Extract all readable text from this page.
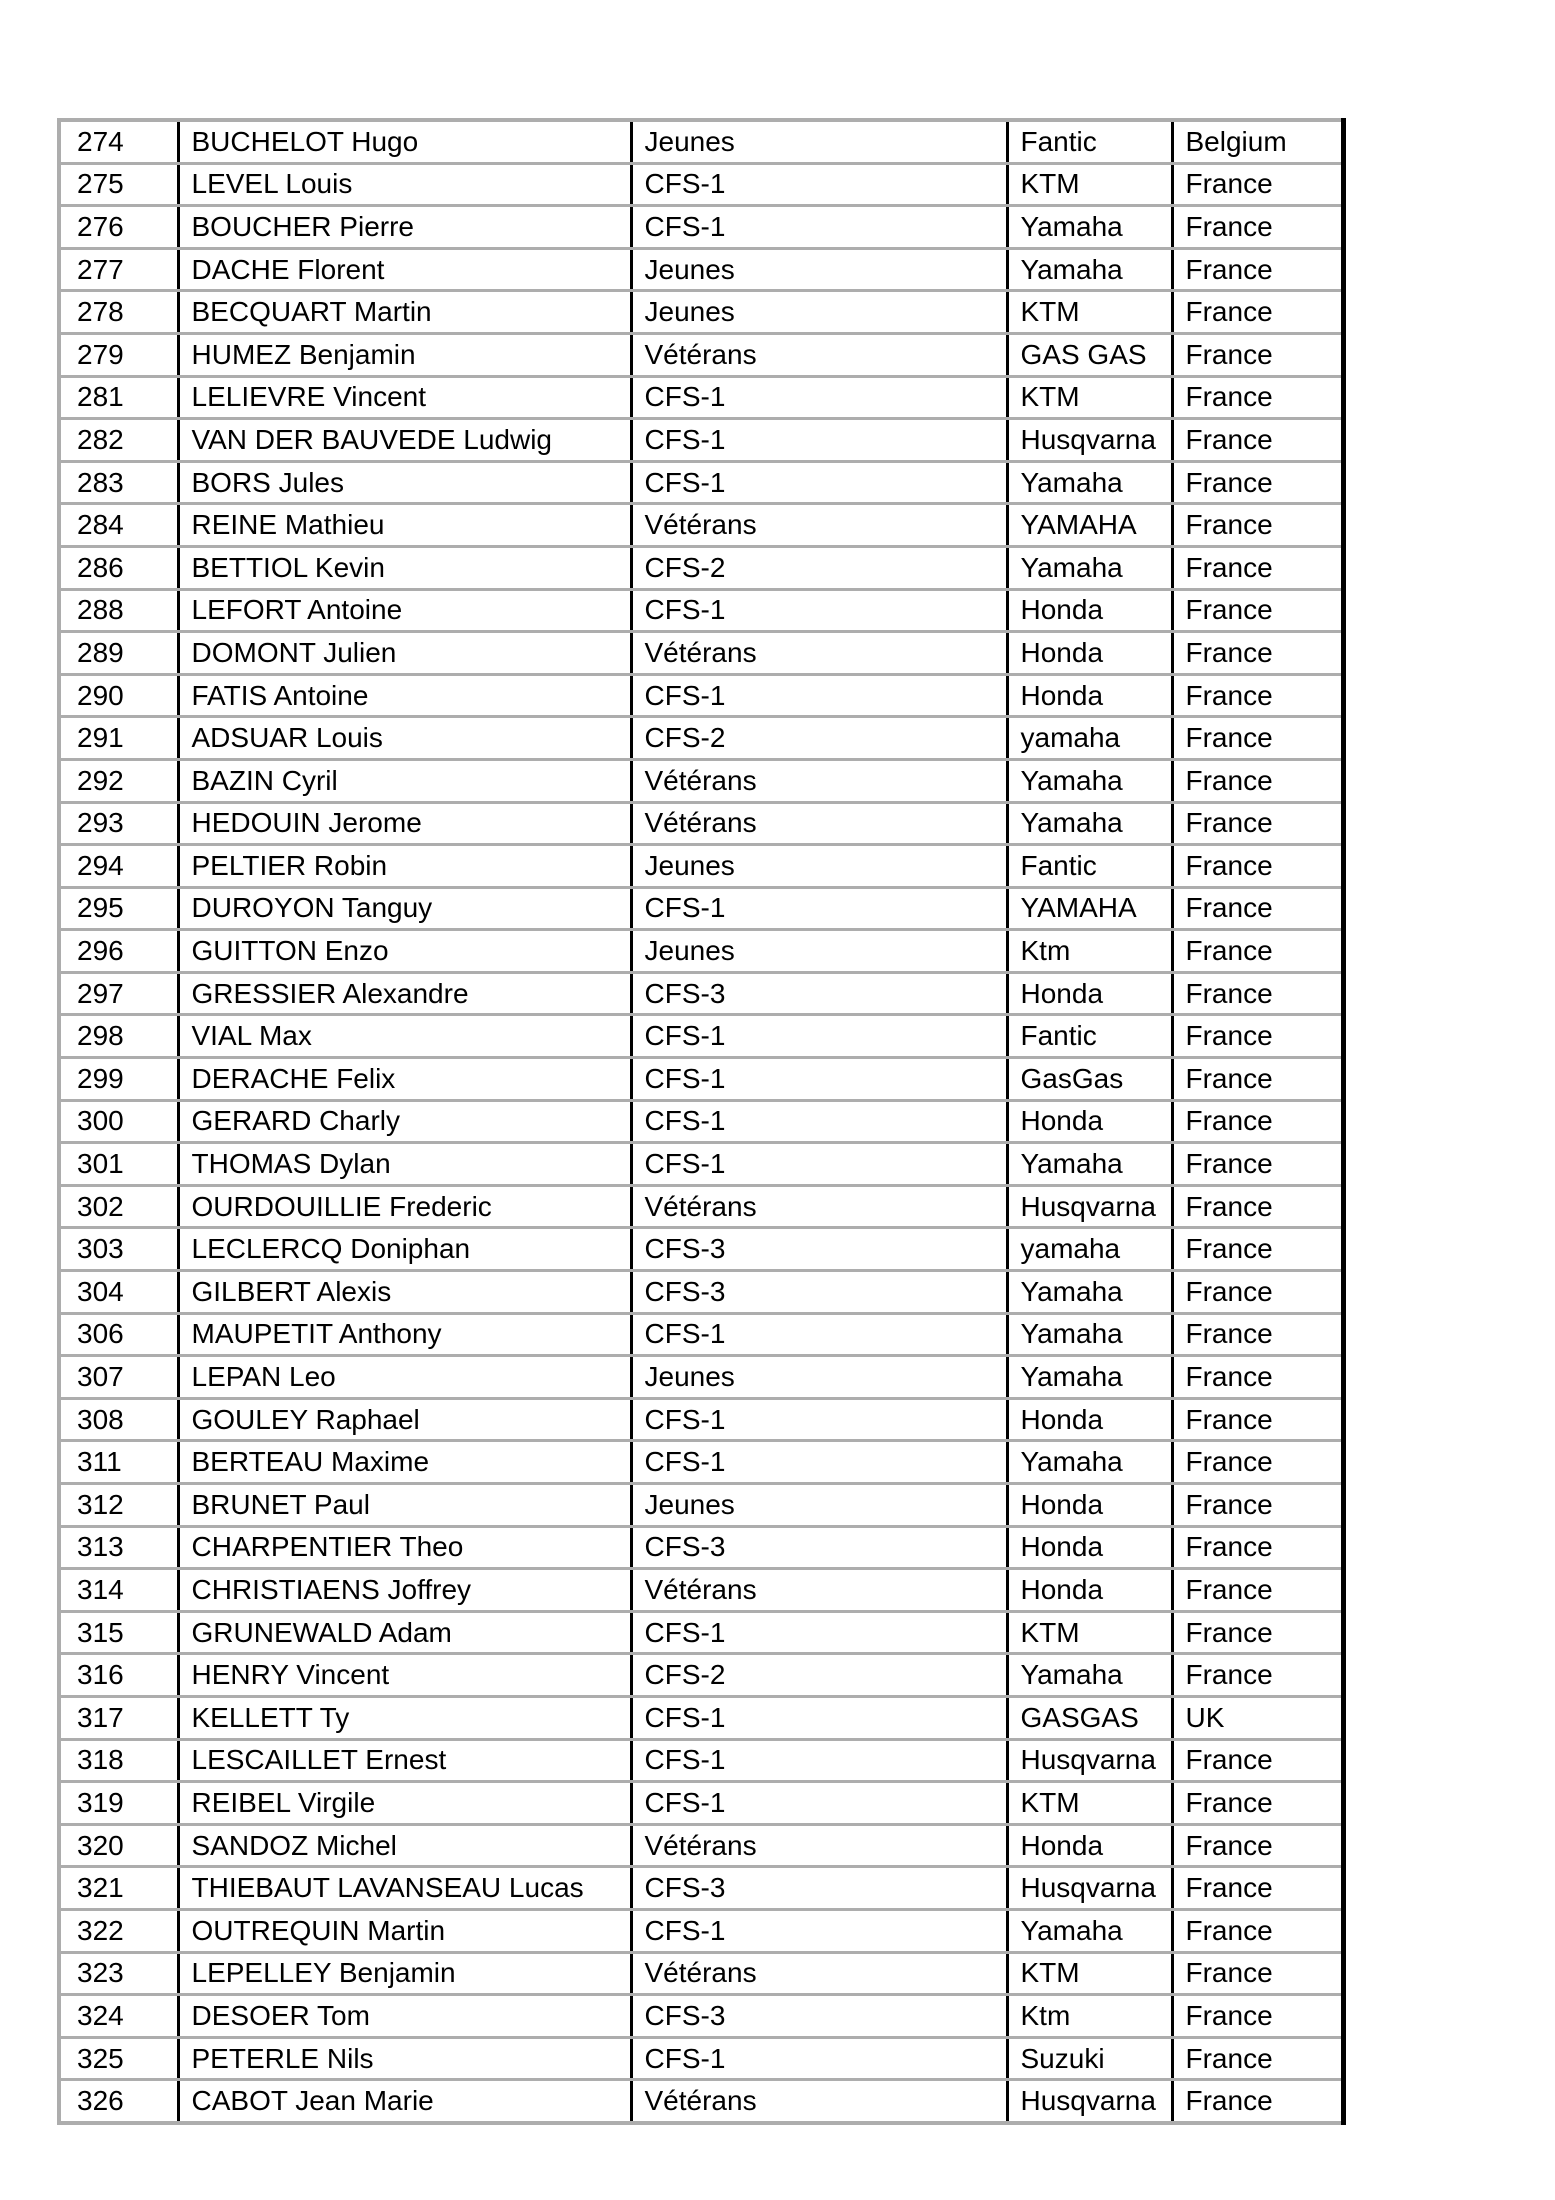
274	BUCHELOT Hugo	Jeunes	Fantic	Belgium
275	LEVEL Louis	CFS-1	KTM	France
276	BOUCHER Pierre	CFS-1	Yamaha	France
277	DACHE Florent	Jeunes	Yamaha	France
278	BECQUART Martin	Jeunes	KTM	France
279	HUMEZ Benjamin	Vétérans	GAS GAS	France
281	LELIEVRE Vincent	CFS-1	KTM	France
282	VAN DER BAUVEDE Ludwig	CFS-1	Husqvarna	France
283	BORS Jules	CFS-1	Yamaha	France
284	REINE Mathieu	Vétérans	YAMAHA	France
286	BETTIOL Kevin	CFS-2	Yamaha	France
288	LEFORT Antoine	CFS-1	Honda	France
289	DOMONT Julien	Vétérans	Honda	France
290	FATIS Antoine	CFS-1	Honda	France
291	ADSUAR Louis	CFS-2	yamaha	France
292	BAZIN Cyril	Vétérans	Yamaha	France
293	HEDOUIN Jerome	Vétérans	Yamaha	France
294	PELTIER Robin	Jeunes	Fantic	France
295	DUROYON Tanguy	CFS-1	YAMAHA	France
296	GUITTON Enzo	Jeunes	Ktm	France
297	GRESSIER Alexandre	CFS-3	Honda	France
298	VIAL Max	CFS-1	Fantic	France
299	DERACHE Felix	CFS-1	GasGas	France
300	GERARD Charly	CFS-1	Honda	France
301	THOMAS Dylan	CFS-1	Yamaha	France
302	OURDOUILLIE Frederic	Vétérans	Husqvarna	France
303	LECLERCQ Doniphan	CFS-3	yamaha	France
304	GILBERT Alexis	CFS-3	Yamaha	France
306	MAUPETIT Anthony	CFS-1	Yamaha	France
307	LEPAN Leo	Jeunes	Yamaha	France
308	GOULEY Raphael	CFS-1	Honda	France
311	BERTEAU Maxime	CFS-1	Yamaha	France
312	BRUNET Paul	Jeunes	Honda	France
313	CHARPENTIER Theo	CFS-3	Honda	France
314	CHRISTIAENS Joffrey	Vétérans	Honda	France
315	GRUNEWALD Adam	CFS-1	KTM	France
316	HENRY Vincent	CFS-2	Yamaha	France
317	KELLETT Ty	CFS-1	GASGAS	UK
318	LESCAILLET Ernest	CFS-1	Husqvarna	France
319	REIBEL Virgile	CFS-1	KTM	France
320	SANDOZ Michel	Vétérans	Honda	France
321	THIEBAUT LAVANSEAU Lucas	CFS-3	Husqvarna	France
322	OUTREQUIN Martin	CFS-1	Yamaha	France
323	LEPELLEY Benjamin	Vétérans	KTM	France
324	DESOER Tom	CFS-3	Ktm	France
325	PETERLE Nils	CFS-1	Suzuki	France
326	CABOT Jean Marie	Vétérans	Husqvarna	France
